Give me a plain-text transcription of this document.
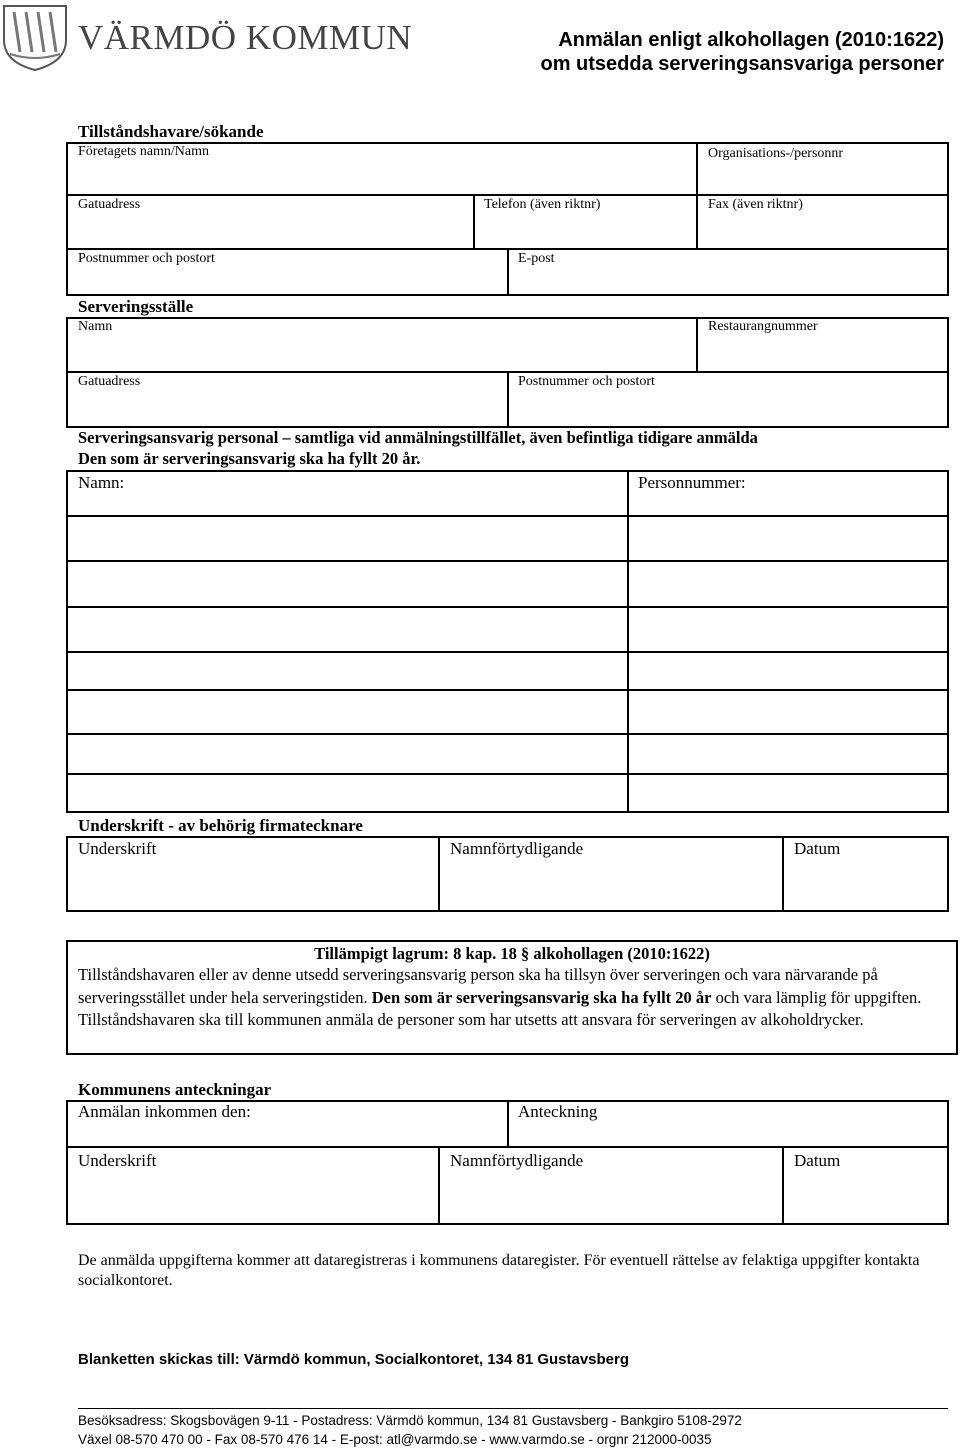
VÄRMDÖ KOMMUN	Anmälan enligt alkohollagen (2010:1622)
om utsedda serveringsansvariga personer
Tillståndshavare/sökande
Företagets namn/Namn	Organisations-/personnr
Gatuadress	Telefon (även riktnr)	Fax (även riktnr)
Postnummer och postort	E-post
Serveringsställe
Namn	Restaurangnummer
Gatuadress	Postnummer och postort
Serveringsansvarig personal – samtliga vid anmälningstillfället, även befintliga tidigare anmälda
Den som är serveringsansvarig ska ha fyllt 20 år.
Namn:	Personnummer:
Underskrift - av behörig firmatecknare
Underskrift	Namnförtydligande	Datum
Tillämpigt lagrum: 8 kap. 18 § alkohollagen (2010:1622)
Tillståndshavaren eller av denne utsedd serveringsansvarig person ska ha tillsyn över serveringen och vara närvarande på serveringsstället under hela serveringstiden. Den som är serveringsansvarig ska ha fyllt 20 år och vara lämplig för uppgiften. Tillståndshavaren ska till kommunen anmäla de personer som har utsetts att ansvara för serveringen av alkoholdrycker.
Kommunens anteckningar
Anmälan inkommen den:	Anteckning
Underskrift	Namnförtydligande	Datum
De anmälda uppgifterna kommer att dataregistreras i kommunens dataregister. För eventuell rättelse av felaktiga uppgifter kontakta socialkontoret.
Blanketten skickas till: Värmdö kommun, Socialkontoret, 134 81 Gustavsberg
Besöksadress: Skogsbovägen 9-11 - Postadress: Värmdö kommun, 134 81 Gustavsberg - Bankgiro 5108-2972
Växel 08-570 470 00 - Fax 08-570 476 14 - E-post: atl@varmdo.se - www.varmdo.se - orgnr 212000-0035
